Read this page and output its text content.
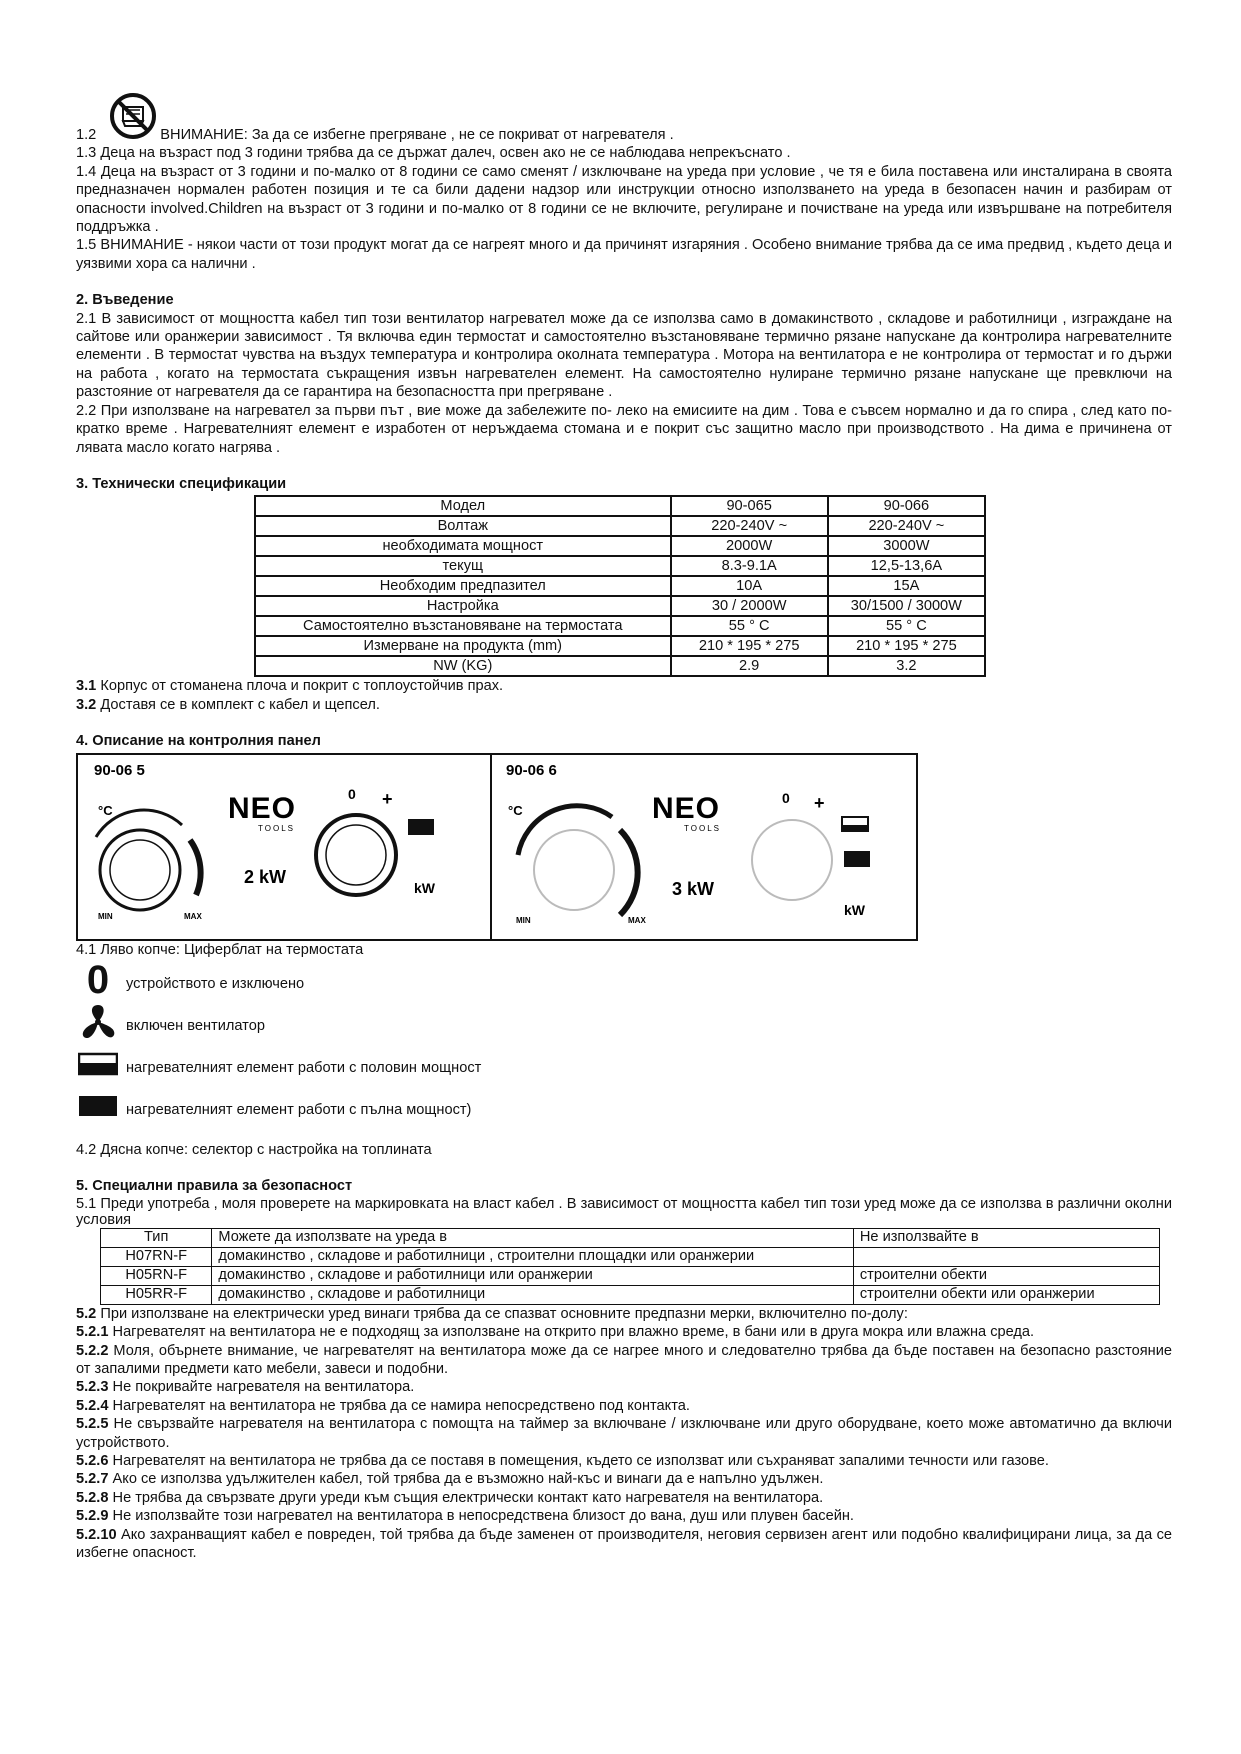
1.2	ВНИМАНИЕ: За да се избегне прегряване , не се покриват от нагревателя .

1.3 Деца на възраст под 3 години трябва да се държат далеч, освен ако не се наблюдава непрекъснато .

1.4 Деца на възраст от 3 години и по-малко от 8 години се само сменят / изключване на уреда при условие , че тя е била поставена или инсталирана в своята предназначен нормален работен позиция и те са били дадени надзор или инструкции относно използването на уреда в безопасен начин и разбирам от опасности involved.Children на възраст от 3 години и по-малко от 8 години се не включите, регулиране и почистване на уреда или извършване на потребителя поддръжка .

1.5 ВНИМАНИЕ - някои части от този продукт могат да се нагреят много и да причинят изгаряния . Особено внимание трябва да се има предвид , където деца и уязвими хора са налични .

2. Въведение

2.1 В зависимост от мощността кабел тип този вентилатор нагревател може да се използва само в домакинството , складове и работилници , изграждане на сайтове или оранжерии зависимост . Тя включва един термостат и самостоятелно възстановяване термично рязане напускане да контролира нагревателните елементи . В термостат чувства на въздух температура и контролира околната температура . Мотора на вентилатора е не контролира от термостат и го държи на работа , когато на термостата съкращения извън нагревателен елемент. На самостоятелно нулиране термично рязане напускане ще превключи на разстояние от нагревателя да се гарантира на безопасността при прегряване .

2.2 При използване на нагревател за първи път , вие може да забележите по- леко на емисиите на дим . Това е съвсем нормално и да го спира , след като по- кратко време . Нагревателният елемент е изработен от неръждаема стомана и е покрит със защитно масло при производството . На дима е причинена от лявата масло когато нагрява .

3. Технически спецификации

Модел	90-065	90-066
Волтаж	220-240V ~	220-240V ~
необходимата мощност	2000W	3000W
текущ	8.3-9.1A	12,5-13,6A
Необходим предпазител	10A	15A
Настройка	30 / 2000W	30/1500 / 3000W
Самостоятелно възстановяване на термостата	55 ° C	55 ° C
Измерване на продукта (mm)	210 * 195 * 275	210 * 195 * 275
NW (KG)	2.9	3.2

3.1 Корпус от стоманена плоча и покрит с топлоустойчив прах.

3.2 Доставя се в комплект с кабел и щепсел.

4. Описание на контролния панел

90-06 5
°C
MIN	MAX
NEO
TOOLS
2 kW
0 +
kW
90-06 6
°C
MIN	MAX
NEO
TOOLS
3 kW
0 +
kW

4.1 Ляво копче: Циферблат на термостата

0 устройството е изключено
включен вентилатор
нагревателният елемент работи с половин мощност
нагревателният елемент работи с пълна мощност)

4.2 Дясна копче: селектор с настройка на топлината

5. Специални правила за безопасност

5.1 Преди употреба , моля проверете на маркировката на власт кабел . В зависимост от мощността кабел тип този уред може да се използва в различни околни условия

Тип	Можете да използвате на уреда в	Не използвайте в
H07RN-F	домакинство , складове и работилници , строителни площадки или оранжерии	
H05RN-F	домакинство , складове и работилници или оранжерии	строителни обекти
H05RR-F	домакинство , складове и работилници	строителни обекти или оранжерии

5.2 При използване на електрически уред винаги трябва да се спазват основните предпазни мерки, включително по-долу:

5.2.1 Нагревателят на вентилатора не е подходящ за използване на открито при влажно време, в бани или в друга мокра или влажна среда.

5.2.2 Моля, обърнете внимание, че нагревателят на вентилатора може да се нагрее много и следователно трябва да бъде поставен на безопасно разстояние от запалими предмети като мебели, завеси и подобни.

5.2.3 Не покривайте нагревателя на вентилатора.

5.2.4 Нагревателят на вентилатора не трябва да се намира непосредствено под контакта.

5.2.5 Не свързвайте нагревателя на вентилатора с помощта на таймер за включване / изключване или друго оборудване, което може автоматично да включи устройството.

5.2.6 Нагревателят на вентилатора не трябва да се поставя в помещения, където се използват или съхраняват запалими течности или газове.

5.2.7 Ако се използва удължителен кабел, той трябва да е възможно най-къс и винаги да е напълно удължен.

5.2.8 Не трябва да свързвате други уреди към същия електрически контакт като нагревателя на вентилатора.

5.2.9 Не използвайте този нагревател на вентилатора в непосредствена близост до вана, душ или плувен басейн.

5.2.10 Ако захранващият кабел е повреден, той трябва да бъде заменен от производителя, неговия сервизен агент или подобно квалифицирани лица, за да се избегне опасност.
